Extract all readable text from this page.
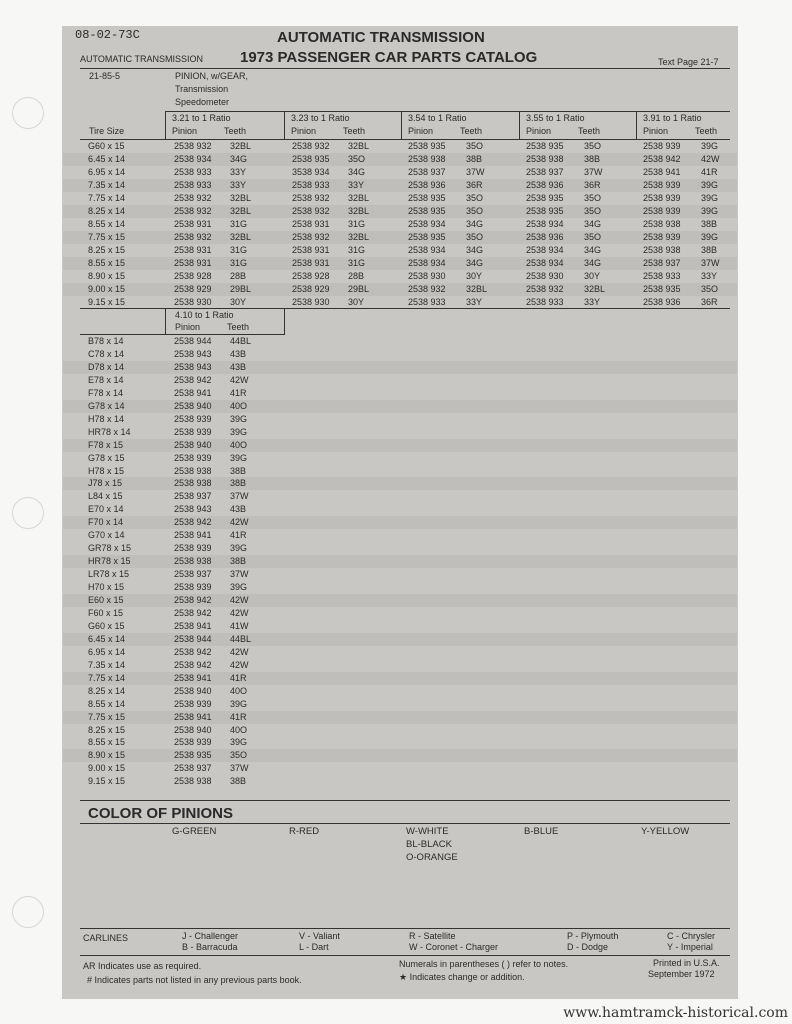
08-02-73C	AUTOMATIC TRANSMISSION
1973 PASSENGER CAR PARTS CATALOG
AUTOMATIC TRANSMISSION	Text Page 21-7
21-85-5	PINION, w/GEAR,
Transmission
Speedometer
3.21 to 1 Ratio	3.23 to 1 Ratio	3.54 to 1 Ratio	3.55 to 1 Ratio	3.91 to 1 Ratio
Tire Size	Pinion	Teeth	Pinion	Teeth	Pinion	Teeth	Pinion	Teeth	Pinion	Teeth
G60 x 15	2538 932 32BL	2538 932 32BL	2538 935 35O	2538 935 35O	2538 939 39G
6.45 x 14	2538 934 34G	2538 935 35O	2538 938 38B	2538 938 38B	2538 942 42W
6.95 x 14	2538 933 33Y	3538 934 34G	2538 937 37W	2538 937 37W	2538 941 41R
7.35 x 14	2538 933 33Y	2538 933 33Y	2538 936 36R	2538 936 36R	2538 939 39G
7.75 x 14	2538 932 32BL	2538 932 32BL	2538 935 35O	2538 935 35O	2538 939 39G
8.25 x 14	2538 932 32BL	2538 932 32BL	2538 935 35O	2538 935 35O	2538 939 39G
8.55 x 14	2538 931 31G	2538 931 31G	2538 934 34G	2538 934 34G	2538 938 38B
7.75 x 15	2538 932 32BL	2538 932 32BL	2538 935 35O	2538 936 35O	2538 939 39G
8.25 x 15	2538 931 31G	2538 931 31G	2538 934 34G	2538 934 34G	2538 938 38B
8.55 x 15	2538 931 31G	2538 931 31G	2538 934 34G	2538 934 34G	2538 937 37W
8.90 x 15	2538 928 28B	2538 928 28B	2538 930 30Y	2538 930 30Y	2538 933 33Y
9.00 x 15	2538 929 29BL	2538 929 29BL	2538 932 32BL	2538 932 32BL	2538 935 35O
9.15 x 15	2538 930 30Y	2538 930 30Y	2538 933 33Y	2538 933 33Y	2538 936 36R
4.10 to 1 Ratio
Pinion	Teeth
B78 x 14	2538 944 44BL
C78 x 14	2538 943 43B
D78 x 14	2538 943 43B
E78 x 14	2538 942 42W
F78 x 14	2538 941 41R
G78 x 14	2538 940 40O
H78 x 14	2538 939 39G
HR78 x 14	2538 939 39G
F78 x 15	2538 940 40O
G78 x 15	2538 939 39G
H78 x 15	2538 938 38B
J78 x 15	2538 938 38B
L84 x 15	2538 937 37W
E70 x 14	2538 943 43B
F70 x 14	2538 942 42W
G70 x 14	2538 941 41R
GR78 x 15	2538 939 39G
HR78 x 15	2538 938 38B
LR78 x 15	2538 937 37W
H70 x 15	2538 939 39G
E60 x 15	2538 942 42W
F60 x 15	2538 942 42W
G60 x 15	2538 941 41W
6.45 x 14	2538 944 44BL
6.95 x 14	2538 942 42W
7.35 x 14	2538 942 42W
7.75 x 14	2538 941 41R
8.25 x 14	2538 940 40O
8.55 x 14	2538 939 39G
7.75 x 15	2538 941 41R
8.25 x 15	2538 940 40O
8.55 x 15	2538 939 39G
8.90 x 15	2538 935 35O
9.00 x 15	2538 937 37W
9.15 x 15	2538 938 38B
COLOR OF PINIONS
G-GREEN	R-RED	W-WHITE
BL-BLACK
O-ORANGE
B-BLUE	Y-YELLOW
CARLINES	J - Challenger
B - Barracuda
V - Valiant
L - Dart
R - Satellite
W - Coronet - Charger
P - Plymouth
D - Dodge
C - Chrysler
Y - Imperial
AR Indicates use as required.
# Indicates parts not listed in any previous parts book.
Numerals in parentheses ( ) refer to notes.
★ Indicates change or addition.
Printed in U.S.A.
September 1972
www.hamtramck-historical.com
